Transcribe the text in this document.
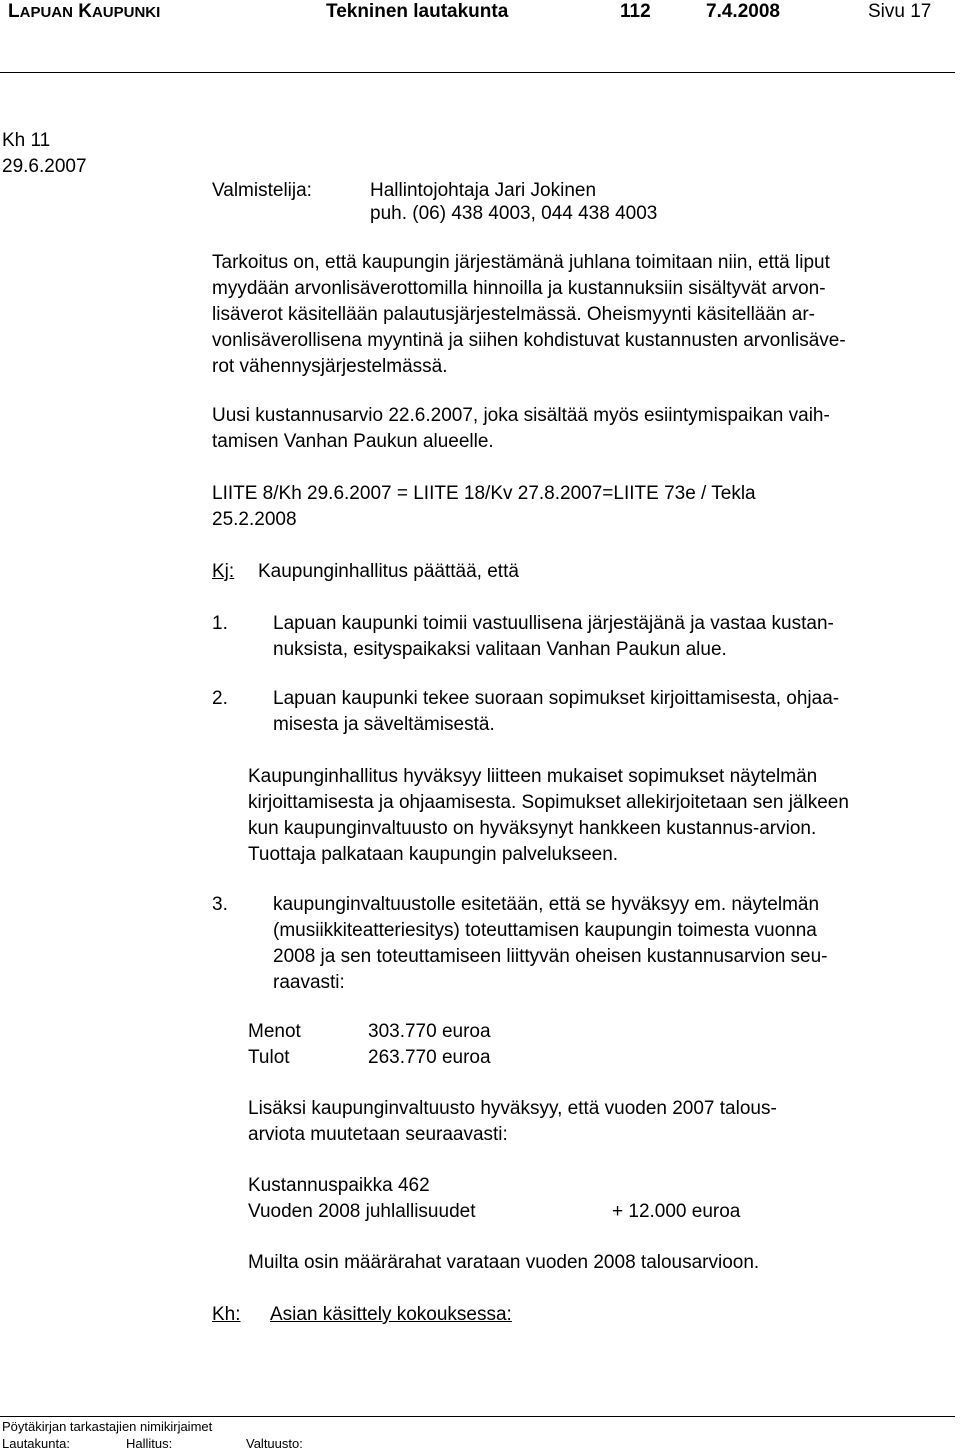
LAPUAN KAUPUNKI	Tekninen lautakunta	112	7.4.2008	Sivu 17
Kh 11
29.6.2007
Valmistelija:	Hallintojohtaja Jari Jokinen
puh. (06) 438 4003, 044 438 4003
Tarkoitus on, että kaupungin järjestämänä juhlana toimitaan niin, että liput
myydään arvonlisäverottomilla hinnoilla ja kustannuksiin sisältyvät arvon-
lisäverot käsitellään palautusjärjestelmässä. Oheismyynti käsitellään ar-
vonlisäverollisena myyntinä ja siihen kohdistuvat kustannusten arvonlisäve-
rot vähennysjärjestelmässä.
Uusi kustannusarvio 22.6.2007, joka sisältää myös esiintymispaikan vaih-
tamisen Vanhan Paukun alueelle.
LIITE 8/Kh 29.6.2007 = LIITE 18/Kv 27.8.2007=LIITE 73e / Tekla
25.2.2008
Kj: Kaupunginhallitus päättää, että
1. Lapuan kaupunki toimii vastuullisena järjestäjänä ja vastaa kustan-
nuksista, esityspaikaksi valitaan Vanhan Paukun alue.
2. Lapuan kaupunki tekee suoraan sopimukset kirjoittamisesta, ohjaa-
misesta ja säveltämisestä.
Kaupunginhallitus hyväksyy liitteen mukaiset sopimukset näytelmän
kirjoittamisesta ja ohjaamisesta. Sopimukset allekirjoitetaan sen jälkeen
kun kaupunginvaltuusto on hyväksynyt hankkeen kustannus-arvion.
Tuottaja palkataan kaupungin palvelukseen.
3. kaupunginvaltuustolle esitetään, että se hyväksyy em. näytelmän
(musiikkiteatteriesitys) toteuttamisen kaupungin toimesta vuonna
2008 ja sen toteuttamiseen liittyvän oheisen kustannusarvion seu-
raavasti:
Menot	303.770 euroa
Tulot	263.770 euroa
Lisäksi kaupunginvaltuusto hyväksyy, että vuoden 2007 talous-
arviota muutetaan seuraavasti:
Kustannuspaikka 462
Vuoden 2008 juhlallisuudet	+ 12.000 euroa
Muilta osin määrärahat varataan vuoden 2008 talousarvioon.
Kh: Asian käsittely kokouksessa:
Pöytäkirjan tarkastajien nimikirjaimet
Lautakunta:	Hallitus:	Valtuusto:
